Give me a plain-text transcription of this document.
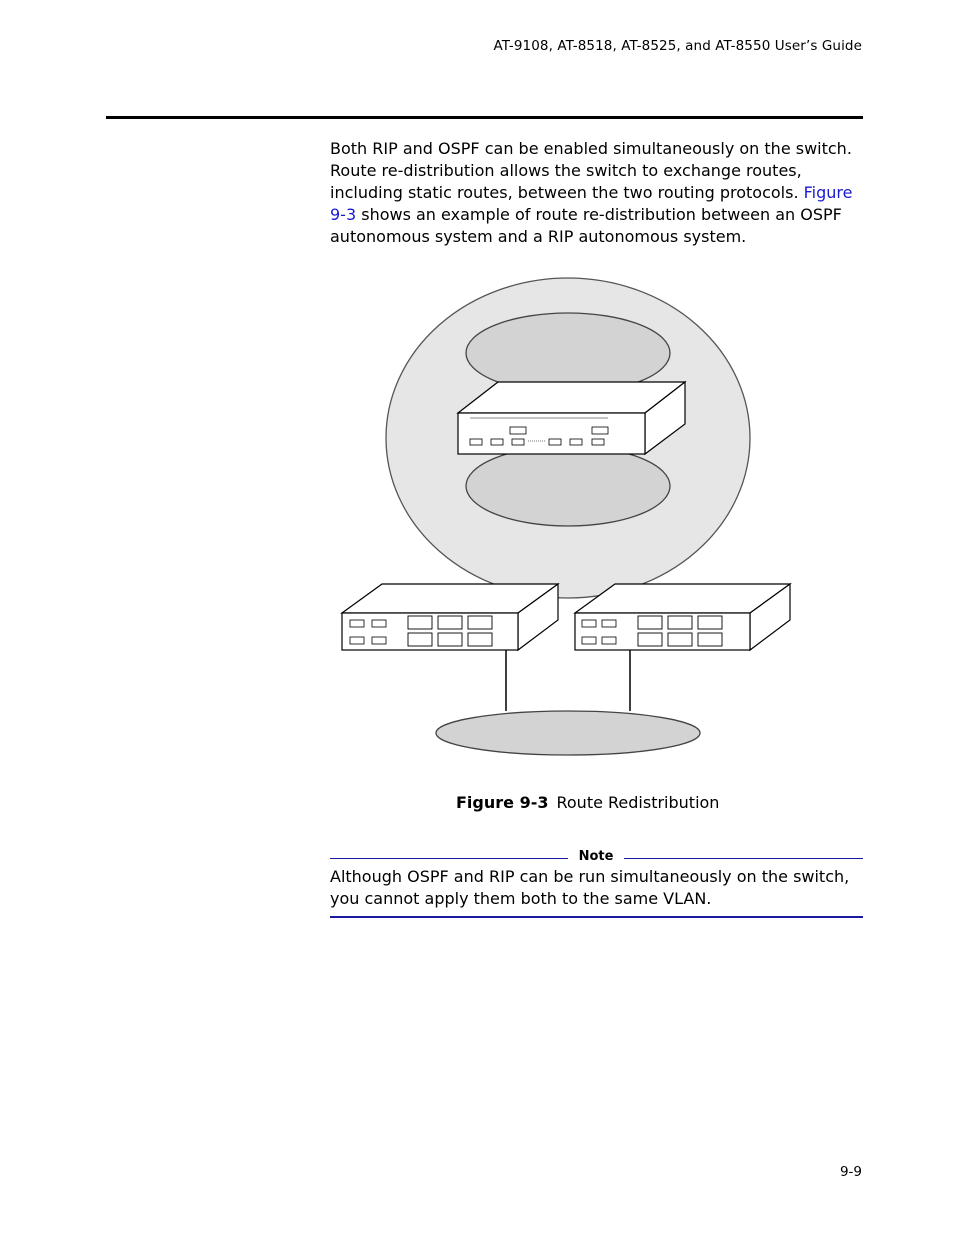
AT-9108, AT-8518, AT-8525, and AT-8550 User’s Guide

Both RIP and OSPF can be enabled simultaneously on the switch. Route re-distribution allows the switch to exchange routes, including static routes, between the two routing protocols. Figure 9-3 shows an example of route re-distribution between an OSPF autonomous system and a RIP autonomous system.

Figure 9-3 Route Redistribution
Note

Although OSPF and RIP can be run simultaneously on the switch, you cannot apply them both to the same VLAN.

9-9
